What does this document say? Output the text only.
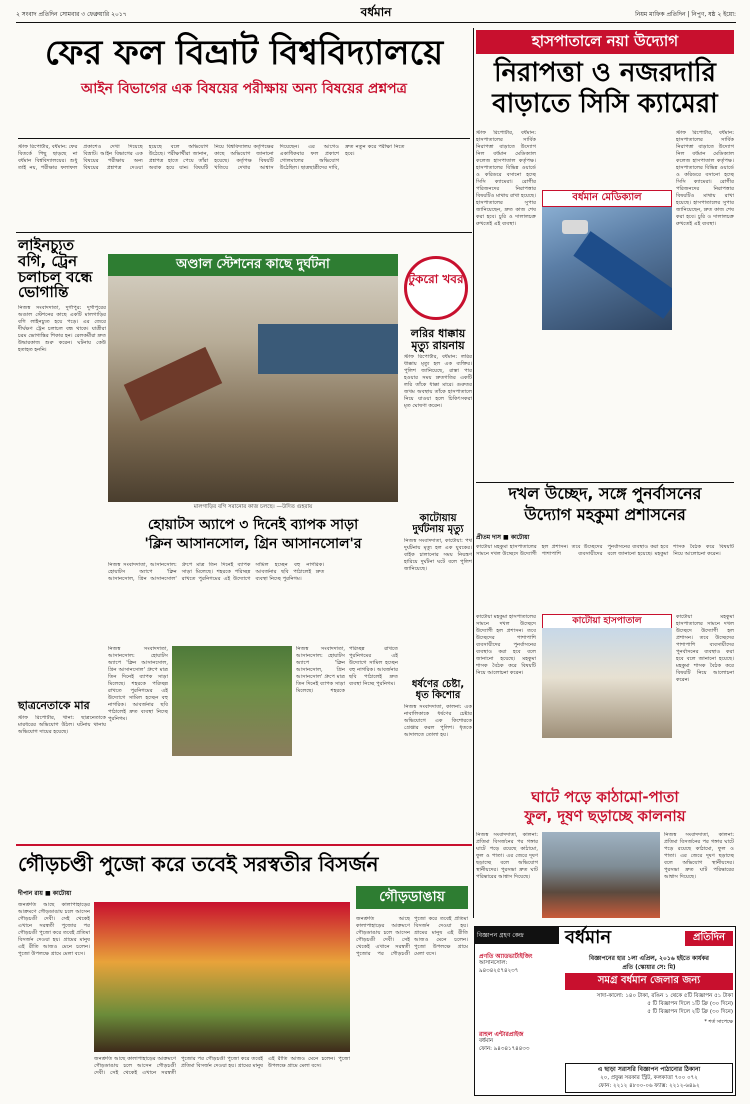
২ সংবাদ প্রতিদিন সোমবার ৩ ফেব্রুয়ারি ২০১৭	বর্ধমান	নিয়ম মাফিক প্রতিদিন | নিপুণ, ষষ্ঠ ২ ইয়ো:
ফের ফল বিভ্রাট বিশ্ববিদ্যালয়ে
আইন বিভাগের এক বিষয়ের পরীক্ষায় অন্য বিষয়ের প্রশ্নপত্র
স্টাফ রিপোর্টার, বর্ধমান: ফের বিতর্কে পিছু ছাড়ছে না বর্ধমান বিশ্ববিদ্যালয়ের। শুধু তাই নয়, পরীক্ষার ফলাফল প্রকাশেও দেখা দিয়েছে বিভ্রাট। আইন বিভাগের এক বিষয়ের পরীক্ষায় অন্য বিষয়ের প্রশ্নপত্র দেওয়া হয়েছে বলে অভিযোগ উঠেছে। পরীক্ষার্থীরা জানান, প্রশ্নপত্র হাতে পেয়ে তাঁরা অবাক হয়ে যান। বিষয়টি নিয়ে বিশ্ববিদ্যালয় কর্তৃপক্ষের কাছে অভিযোগ জানানো হয়েছে। কর্তৃপক্ষ বিষয়টি খতিয়ে দেখার আশ্বাস দিয়েছেন। এর আগেও একাধিকবার ফল প্রকাশে গোলমালের অভিযোগ উঠেছিল। ছাত্রছাত্রীদের দাবি, দ্রুত নতুন করে পরীক্ষা নিতে হবে।
হাসপাতালে নয়া উদ্যোগ
নিরাপত্তা ও নজরদারি
বাড়াতে সিসি ক্যামেরা
স্টাফ রিপোর্টার, বর্ধমান: হাসপাতালের সার্বিক নিরাপত্তা বাড়াতে উদ্যোগ নিল বর্ধমান মেডিক্যাল কলেজ হাসপাতাল কর্তৃপক্ষ। হাসপাতালের বিভিন্ন ওয়ার্ডে ও করিডরে বসানো হচ্ছে সিসি ক্যামেরা। রোগীর পরিজনদের নিরাপত্তার বিষয়টিও মাথায় রাখা হয়েছে। হাসপাতালের সুপার জানিয়েছেন, দ্রুত কাজ শেষ করা হবে। চুরি ও দালালচক্র রুখতেই এই ব্যবস্থা।
বর্ধমান মেডিক্যাল
স্টাফ রিপোর্টার, বর্ধমান: হাসপাতালের সার্বিক নিরাপত্তা বাড়াতে উদ্যোগ নিল বর্ধমান মেডিক্যাল কলেজ হাসপাতাল কর্তৃপক্ষ। হাসপাতালের বিভিন্ন ওয়ার্ডে ও করিডরে বসানো হচ্ছে সিসি ক্যামেরা। রোগীর পরিজনদের নিরাপত্তার বিষয়টিও মাথায় রাখা হয়েছে। হাসপাতালের সুপার জানিয়েছেন, দ্রুত কাজ শেষ করা হবে। চুরি ও দালালচক্র রুখতেই এই ব্যবস্থা।
লাইনচ্যুত বগি, ট্রেন চলাচল বন্ধে ভোগান্তি
নিজস্ব সংবাদদাতা, দুর্গাপুর: দুর্গাপুরের অণ্ডাল স্টেশনের কাছে একটি মালগাড়ির বগি লাইনচ্যুত হয়ে পড়ে। এর জেরে দীর্ঘক্ষণ ট্রেন চলাচল বন্ধ থাকে। যাত্রীরা চরম ভোগান্তির শিকার হন। রেলকর্মীরা দ্রুত উদ্ধারকাজ শুরু করেন। ঘটনায় কেউ হতাহত হননি।
অণ্ডাল স্টেশনের কাছে দুর্ঘটনা
মালগাড়ির বগি সরানোর কাজ চলছে। —উদিত গুহরায়
টুকরো খবর
লরির ধাক্কায় মৃত্যু রায়নায়
স্টাফ রিপোর্টার, বর্ধমান: লরির ধাক্কায় মৃত্যু হল এক ব্যক্তির। পুলিশ জানিয়েছে, রাস্তা পার হওয়ার সময় দ্রুতগতির একটি লরি তাঁকে ধাক্কা মারে। গুরুতর জখম অবস্থায় তাঁকে হাসপাতালে নিয়ে যাওয়া হলে চিকিৎসকরা মৃত ঘোষণা করেন।
হোয়াটস অ্যাপে ৩ দিনেই ব্যাপক সাড়া
'ক্লিন আসানসোল, গ্রিন আসানসোল'র
নিজস্ব সংবাদদাতা, আসানসোল: হোয়াটস অ্যাপে 'ক্লিন আসানসোল, গ্রিন আসানসোল' গ্রুপে মাত্র তিন দিনেই ব্যাপক সাড়া মিলেছে। শহরকে পরিচ্ছন্ন রাখতে পুরনিগমের এই উদ্যোগে সামিল হচ্ছেন বহু নাগরিক। আবর্জনার ছবি পাঠালেই দ্রুত ব্যবস্থা নিচ্ছে পুরনিগম।
নিজস্ব সংবাদদাতা, আসানসোল: হোয়াটস অ্যাপে 'ক্লিন আসানসোল, গ্রিন আসানসোল' গ্রুপে মাত্র তিন দিনেই ব্যাপক সাড়া মিলেছে। শহরকে পরিচ্ছন্ন রাখতে পুরনিগমের এই উদ্যোগে সামিল হচ্ছেন বহু নাগরিক। আবর্জনার ছবি পাঠালেই দ্রুত ব্যবস্থা নিচ্ছে পুরনিগম।
নিজস্ব সংবাদদাতা, আসানসোল: হোয়াটস অ্যাপে 'ক্লিন আসানসোল, গ্রিন আসানসোল' গ্রুপে মাত্র তিন দিনেই ব্যাপক সাড়া মিলেছে। শহরকে পরিচ্ছন্ন রাখতে পুরনিগমের এই উদ্যোগে সামিল হচ্ছেন বহু নাগরিক। আবর্জনার ছবি পাঠালেই দ্রুত ব্যবস্থা নিচ্ছে পুরনিগম।
কাটোয়ায় দুর্ঘটনায় মৃত্যু
নিজস্ব সংবাদদাতা, কাটোয়া: পথ দুর্ঘটনায় মৃত্যু হল এক যুবকের। বাইক চালানোর সময় নিয়ন্ত্রণ হারিয়ে দুর্ঘটনা ঘটে বলে পুলিশ জানিয়েছে।
ধর্ষণের চেষ্টা, ধৃত কিশোর
নিজস্ব সংবাদদাতা, কালনা: এক নাবালিকাকে ধর্ষণের চেষ্টার অভিযোগে এক কিশোরকে গ্রেপ্তার করল পুলিশ। ধৃতকে আদালতে তোলা হয়।
ছাত্রনেতাকে মার
স্টাফ রিপোর্টার, খানা: ছাত্রনেতাকে মারধরের অভিযোগ উঠল। ঘটনায় থানায় অভিযোগ দায়ের হয়েছে।
দখল উচ্ছেদ, সঙ্গে পুনর্বাসনের
উদ্যোগ মহকুমা প্রশাসনের
প্রীতম দাস ■ কাটোয়া
কাটোয়া মহকুমা হাসপাতালের সামনে দখল উচ্ছেদে উদ্যোগী হল প্রশাসন। তবে উচ্ছেদের পাশাপাশি ব্যবসায়ীদের পুনর্বাসনের ব্যবস্থাও করা হবে বলে জানানো হয়েছে। মহকুমা শাসক বৈঠক করে বিষয়টি নিয়ে আলোচনা করেন।
কাটোয়া হাসপাতাল
কাটোয়া মহকুমা হাসপাতালের সামনে দখল উচ্ছেদে উদ্যোগী হল প্রশাসন। তবে উচ্ছেদের পাশাপাশি ব্যবসায়ীদের পুনর্বাসনের ব্যবস্থাও করা হবে বলে জানানো হয়েছে। মহকুমা শাসক বৈঠক করে বিষয়টি নিয়ে আলোচনা করেন।
কাটোয়া মহকুমা হাসপাতালের সামনে দখল উচ্ছেদে উদ্যোগী হল প্রশাসন। তবে উচ্ছেদের পাশাপাশি ব্যবসায়ীদের পুনর্বাসনের ব্যবস্থাও করা হবে বলে জানানো হয়েছে। মহকুমা শাসক বৈঠক করে বিষয়টি নিয়ে আলোচনা করেন।
ঘাটে পড়ে কাঠামো-পাতা
ফুল, দূষণ ছড়াচ্ছে কালনায়
নিজস্ব সংবাদদাতা, কালনা: প্রতিমা বিসর্জনের পর গঙ্গার ঘাটে পড়ে রয়েছে কাঠামো, ফুল ও পাতা। এর জেরে দূষণ ছড়াচ্ছে বলে অভিযোগ স্থানীয়দের। পুরসভা দ্রুত ঘাট পরিষ্কারের আশ্বাস দিয়েছে।
নিজস্ব সংবাদদাতা, কালনা: প্রতিমা বিসর্জনের পর গঙ্গার ঘাটে পড়ে রয়েছে কাঠামো, ফুল ও পাতা। এর জেরে দূষণ ছড়াচ্ছে বলে অভিযোগ স্থানীয়দের। পুরসভা দ্রুত ঘাট পরিষ্কারের আশ্বাস দিয়েছে।
গৌড়চণ্ডী পুজো করে তবেই সরস্বতীর বিসর্জন
দীপান রায় ■ কাটোয়া	গৌড়ডাঙায়
জনশ্রুতি আছে কালাপাহাড়ের আক্রমণে গৌড়ডাঙায় চলে আসেন গৌড়চণ্ডী দেবী। সেই থেকেই এখানে সরস্বতী পুজোর পর গৌড়চণ্ডী পুজো করে তবেই প্রতিমা বিসর্জন দেওয়া হয়। গ্রামের মানুষ এই রীতি আজও মেনে চলেন। পুজো উপলক্ষে গ্রামে মেলা বসে।
জনশ্রুতি আছে কালাপাহাড়ের আক্রমণে গৌড়ডাঙায় চলে আসেন গৌড়চণ্ডী দেবী। সেই থেকেই এখানে সরস্বতী পুজোর পর গৌড়চণ্ডী পুজো করে তবেই প্রতিমা বিসর্জন দেওয়া হয়। গ্রামের মানুষ এই রীতি আজও মেনে চলেন। পুজো উপলক্ষে গ্রামে মেলা বসে।
জনশ্রুতি আছে কালাপাহাড়ের আক্রমণে গৌড়ডাঙায় চলে আসেন গৌড়চণ্ডী দেবী। সেই থেকেই এখানে সরস্বতী পুজোর পর গৌড়চণ্ডী পুজো করে তবেই প্রতিমা বিসর্জন দেওয়া হয়। গ্রামের মানুষ এই রীতি আজও মেনে চলেন। পুজো উপলক্ষে গ্রামে মেলা বসে।
বিজ্ঞাপন গ্রহণ কেন্দ্র	বর্ধমান	প্রতিদিন
প্রণতি অ্যাডভার্টাইজিং
আসানসোল:
৯৪৩৪২৫৭৪২৩৭
রাহুল এন্টারপ্রাইজ
বর্ধমান
ফোন: ৯৪৩৪১৭৪৪৩৩
বিজ্ঞাপনের হার ১লা এপ্রিল, ২০১৬ হইতে কার্যকর
প্রতি (স্কোয়ার সে: মি)
সমগ্র বর্ধমান জেলার জন্য
সাদা-কালো: ১৪০ টাকা, রঙিন ১ থেকে ৫টি বিজ্ঞাপন ৫১ টাকা
৫ টি বিজ্ঞাপন দিলে ১টি ফ্রি (৩০ দিনে)
৫ টি বিজ্ঞাপন দিলে ২টি ফ্রি (৩০ দিনে)
* শর্ত সাপেক্ষে
এ ছাড়া সরাসরি বিজ্ঞাপন পাঠানোর ঠিকানা
২০, প্রফুল্ল সরকার স্ট্রিট, কলকাতা ৭০০ ০৭২
ফোন: ২২১২ ৪৮০০-০৬ ফ্যাক্স: ২২১২-৬৪৯২
